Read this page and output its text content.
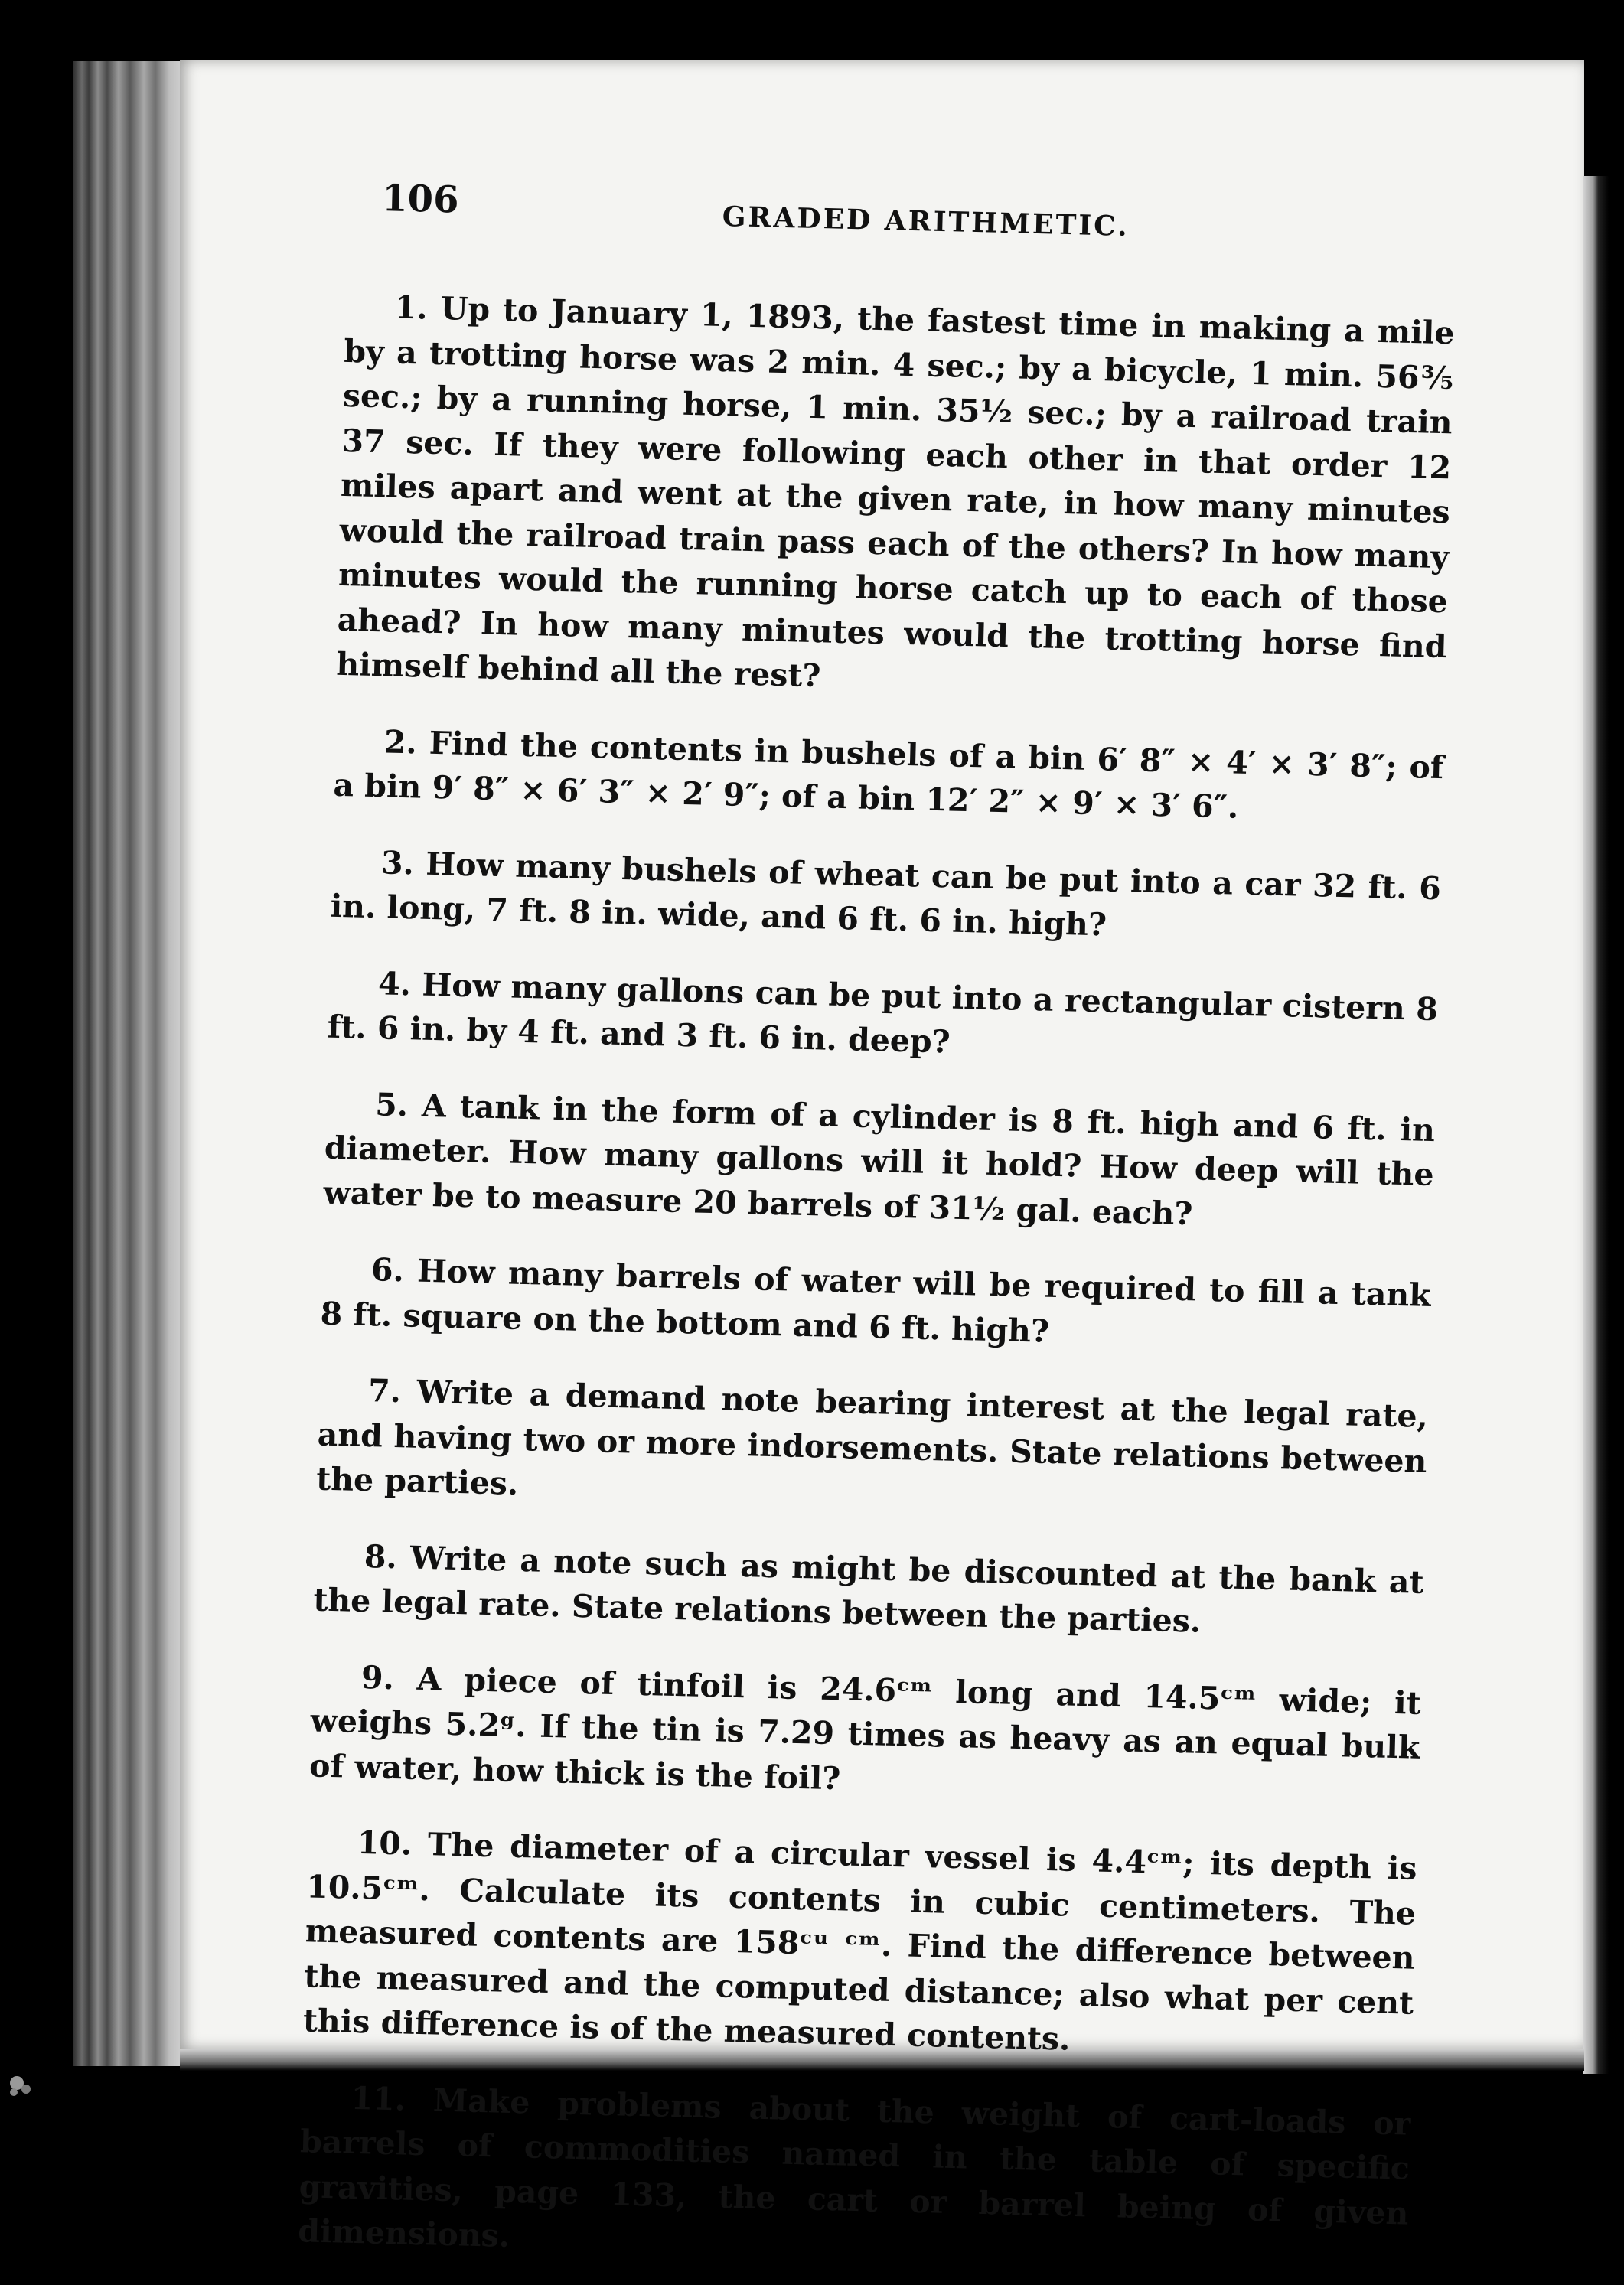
106	GRADED ARITHMETIC.

1. Up to January 1, 1893, the fastest time in making a mile by a trotting horse was 2 min. 4 sec.; by a bicycle, 1 min. 56⅗ sec.; by a running horse, 1 min. 35½ sec.; by a railroad train 37 sec. If they were following each other in that order 12 miles apart and went at the given rate, in how many minutes would the railroad train pass each of the others? In how many minutes would the running horse catch up to each of those ahead? In how many minutes would the trotting horse find himself behind all the rest?

2. Find the contents in bushels of a bin 6′ 8″ × 4′ × 3′ 8″; of a bin 9′ 8″ × 6′ 3″ × 2′ 9″; of a bin 12′ 2″ × 9′ × 3′ 6″.

3. How many bushels of wheat can be put into a car 32 ft. 6 in. long, 7 ft. 8 in. wide, and 6 ft. 6 in. high?

4. How many gallons can be put into a rectangular cistern 8 ft. 6 in. by 4 ft. and 3 ft. 6 in. deep?

5. A tank in the form of a cylinder is 8 ft. high and 6 ft. in diameter. How many gallons will it hold? How deep will the water be to measure 20 barrels of 31½ gal. each?

6. How many barrels of water will be required to fill a tank 8 ft. square on the bottom and 6 ft. high?

7. Write a demand note bearing interest at the legal rate, and having two or more indorsements. State relations between the parties.

8. Write a note such as might be discounted at the bank at the legal rate. State relations between the parties.

9. A piece of tinfoil is 24.6ᶜᵐ long and 14.5ᶜᵐ wide; it weighs 5.2ᵍ. If the tin is 7.29 times as heavy as an equal bulk of water, how thick is the foil?

10. The diameter of a circular vessel is 4.4ᶜᵐ; its depth is 10.5ᶜᵐ. Calculate its contents in cubic centimeters. The measured contents are 158ᶜᵘ ᶜᵐ. Find the difference between the measured and the computed distance; also what per cent this difference is of the measured contents.

11. Make problems about the weight of cart-loads or barrels of commodities named in the table of specific gravities, page 133, the cart or barrel being of given dimensions.
